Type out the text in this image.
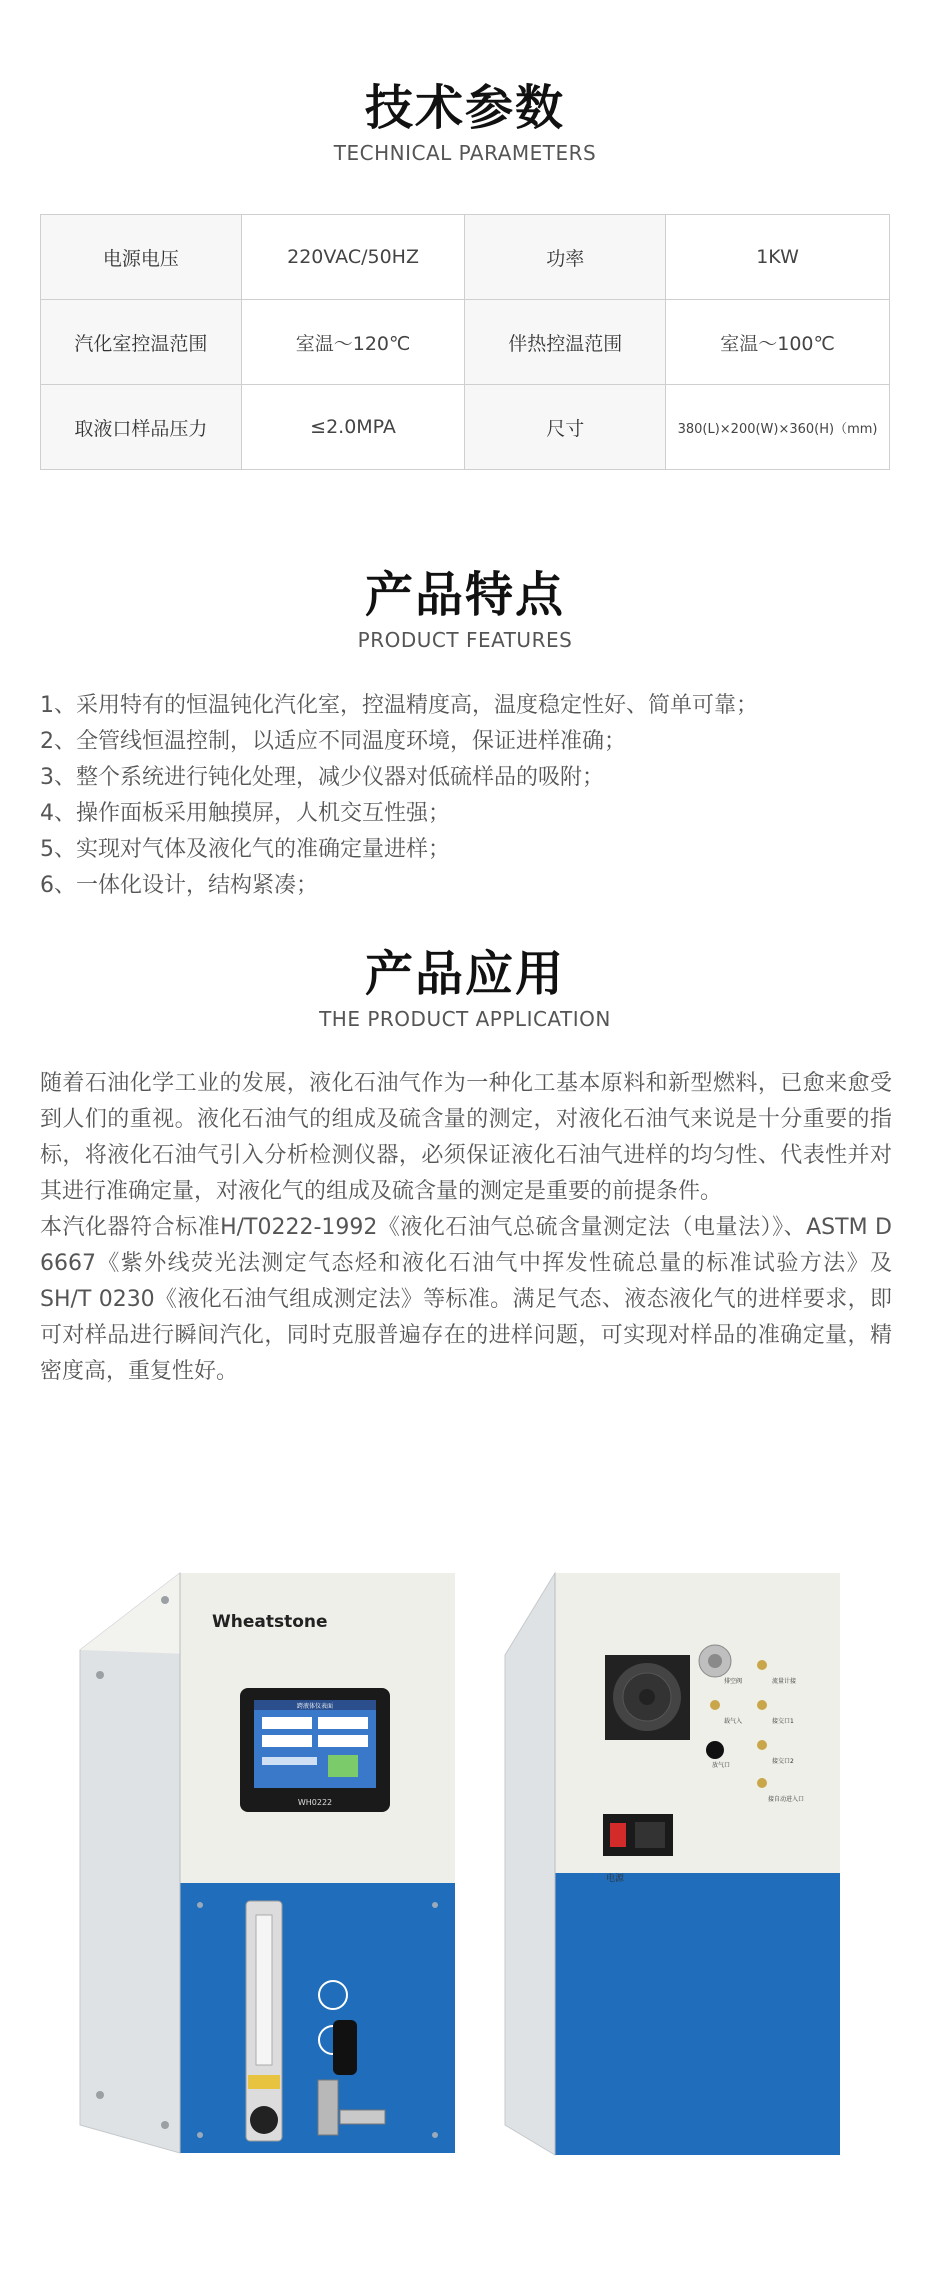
技术参数
TECHNICAL PARAMETERS
电源电压	220VAC/50HZ	功率	1KW
汽化室控温范围	室温～120℃	伴热控温范围	室温～100℃
取液口样品压力	≤2.0MPA	尺寸	380(L)×200(W)×360(H)（mm)
产品特点
PRODUCT FEATURES

1、采用特有的恒温钝化汽化室，控温精度高，温度稳定性好、简单可靠；

2、全管线恒温控制，以适应不同温度环境，保证进样准确；

3、整个系统进行钝化处理，减少仪器对低硫样品的吸附；

4、操作面板采用触摸屏，人机交互性强；

5、实现对气体及液化气的准确定量进样；

6、一体化设计，结构紧凑；

产品应用
THE PRODUCT APPLICATION

随着石油化学工业的发展，液化石油气作为一种化工基本原料和新型燃料，已愈来愈受到人们的重视。液化石油气的组成及硫含量的测定，对液化石油气来说是十分重要的指标，将液化石油气引入分析检测仪器，必须保证液化石油气进样的均匀性、代表性并对其进行准确定量，对液化气的组成及硫含量的测定是重要的前提条件。

本汽化器符合标准H/T0222-1992《液化石油气总硫含量测定法（电量法）》、ASTM D 6667《紫外线荧光法测定气态烃和液化石油气中挥发性硫总量的标准试验方法》及SH/T 0230《液化石油气组成测定法》等标准。满足气态、液态液化气的进样要求，即可对样品进行瞬间汽化，同时克服普遍存在的进样问题，可实现对样品的准确定量，精密度高，重复性好。

Wheatstone
跨液体仪表面
WH0222
排空阀	流量计接
载气入	接交口1
放气口
接交口2
接自动进入口
电源
